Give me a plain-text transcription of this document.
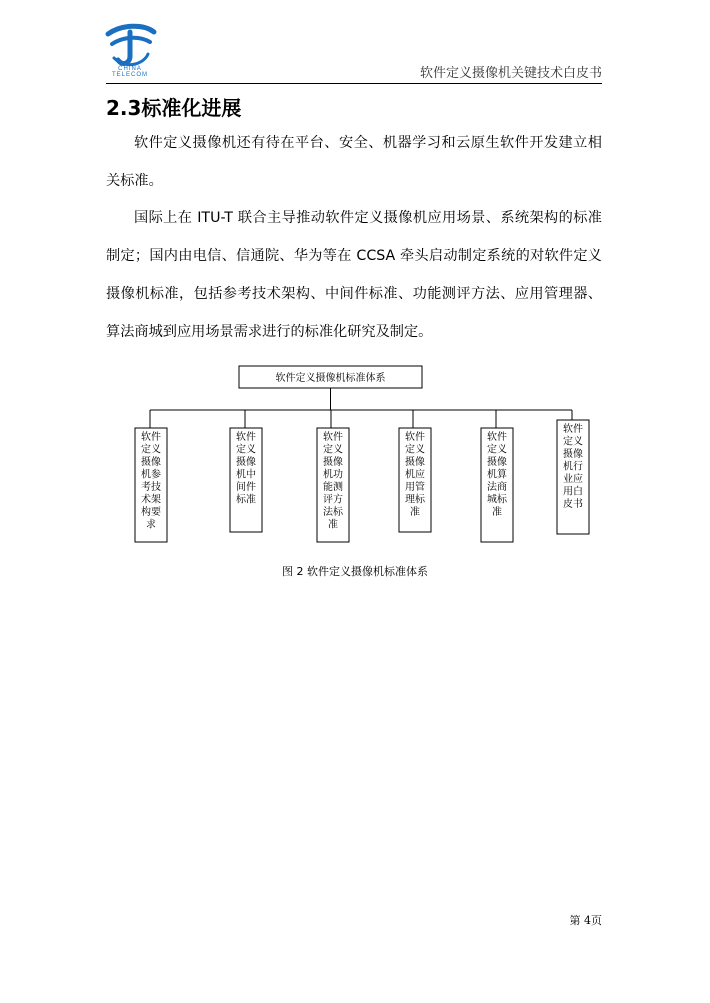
CHINA TELECOM	软件定义摄像机关键技术白皮书
2.3标准化进展
软件定义摄像机还有待在平台、安全、机器学习和云原生软件开发建立相关标准。
国际上在 ITU-T 联合主导推动软件定义摄像机应用场景、系统架构的标准制定；国内由电信、信通院、华为等在 CCSA 牵头启动制定系统的对软件定义摄像机标准，包括参考技术架构、中间件标准、功能测评方法、应用管理器、算法商城到应用场景需求进行的标准化研究及制定。
软件定义摄像机标准体系
软件
定义
摄像
机参
考技
术架
构要
求
软件
定义
摄像
机中
间件
标准
软件
定义
摄像
机功
能测
评方
法标
准
软件
定义
摄像
机应
用管
理标
准
软件
定义
摄像
机算
法商
城标
准
软件
定义
摄像
机行
业应
用白
皮书
图 2 软件定义摄像机标准体系
第 4页
